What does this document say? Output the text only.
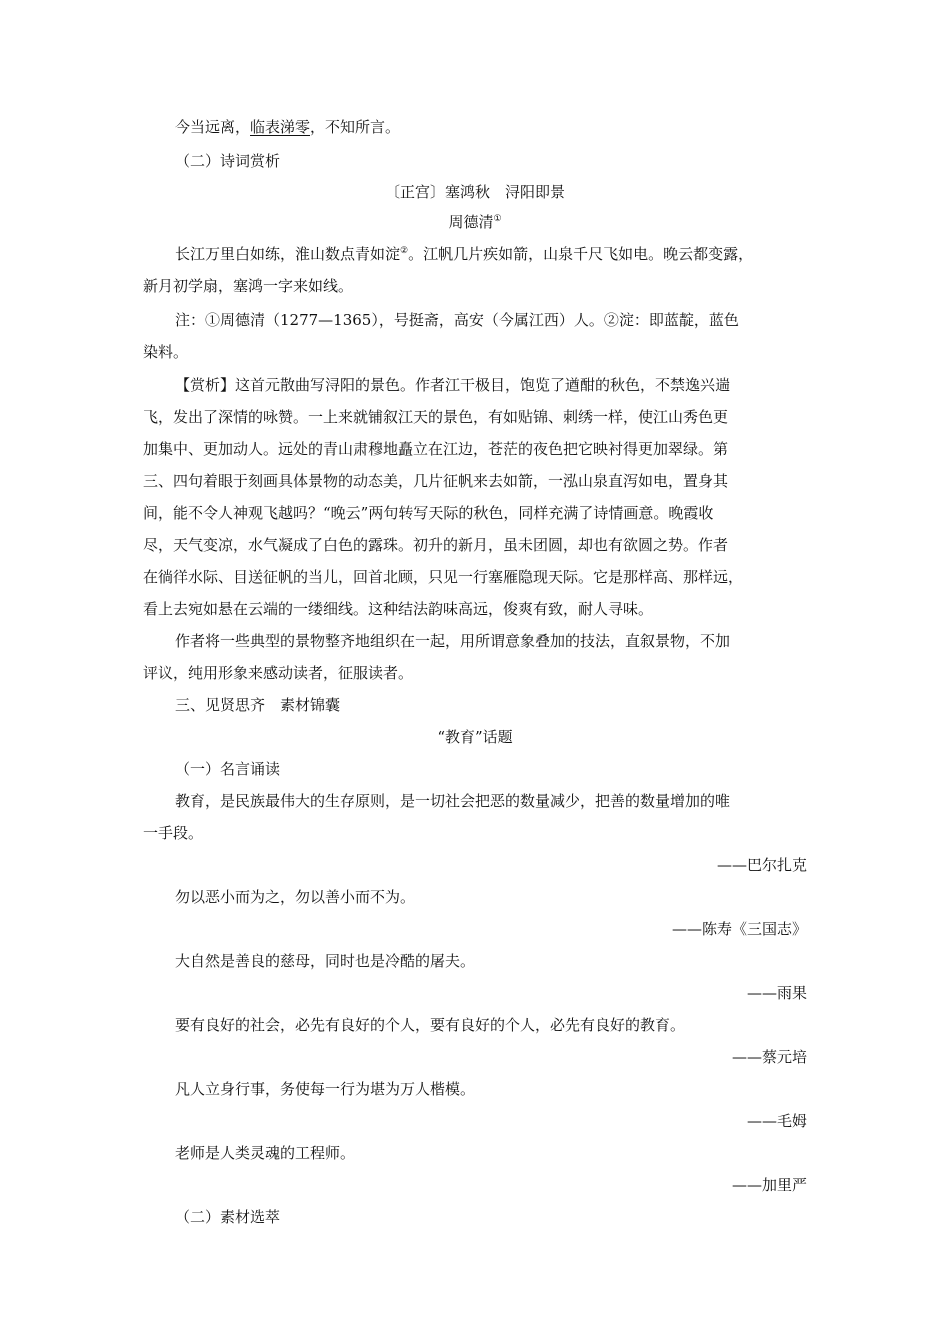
今当远离，临表涕零，不知所言。

（二）诗词赏析

〔正宫〕塞鸿秋　浔阳即景

周德清①

长江万里白如练，淮山数点青如淀②。江帆几片疾如箭，山泉千尺飞如电。晚云都变露，

新月初学扇，塞鸿一字来如线。

注：①周德清（1277—1365），号挺斋，高安（今属江西）人。②淀：即蓝靛，蓝色

染料。

【赏析】这首元散曲写浔阳的景色。作者江干极目，饱览了遒酣的秋色，不禁逸兴遄

飞，发出了深情的咏赞。一上来就铺叙江天的景色，有如贴锦、刺绣一样，使江山秀色更

加集中、更加动人。远处的青山肃穆地矗立在江边，苍茫的夜色把它映衬得更加翠绿。第

三、四句着眼于刻画具体景物的动态美，几片征帆来去如箭，一泓山泉直泻如电，置身其

间，能不令人神观飞越吗？“晚云”两句转写天际的秋色，同样充满了诗情画意。晚霞收

尽，天气变凉，水气凝成了白色的露珠。初升的新月，虽未团圆，却也有欲圆之势。作者

在徜徉水际、目送征帆的当儿，回首北顾，只见一行塞雁隐现天际。它是那样高、那样远，

看上去宛如悬在云端的一缕细线。这种结法韵味高远，俊爽有致，耐人寻味。

作者将一些典型的景物整齐地组织在一起，用所谓意象叠加的技法，直叙景物，不加

评议，纯用形象来感动读者，征服读者。

三、见贤思齐　素材锦囊

“教育”话题

（一）名言诵读

教育，是民族最伟大的生存原则，是一切社会把恶的数量减少，把善的数量增加的唯

一手段。

——巴尔扎克

勿以恶小而为之，勿以善小而不为。

——陈寿《三国志》

大自然是善良的慈母，同时也是冷酷的屠夫。

——雨果

要有良好的社会，必先有良好的个人，要有良好的个人，必先有良好的教育。

——蔡元培

凡人立身行事，务使每一行为堪为万人楷模。

——毛姆

老师是人类灵魂的工程师。

——加里严

（二）素材选萃
